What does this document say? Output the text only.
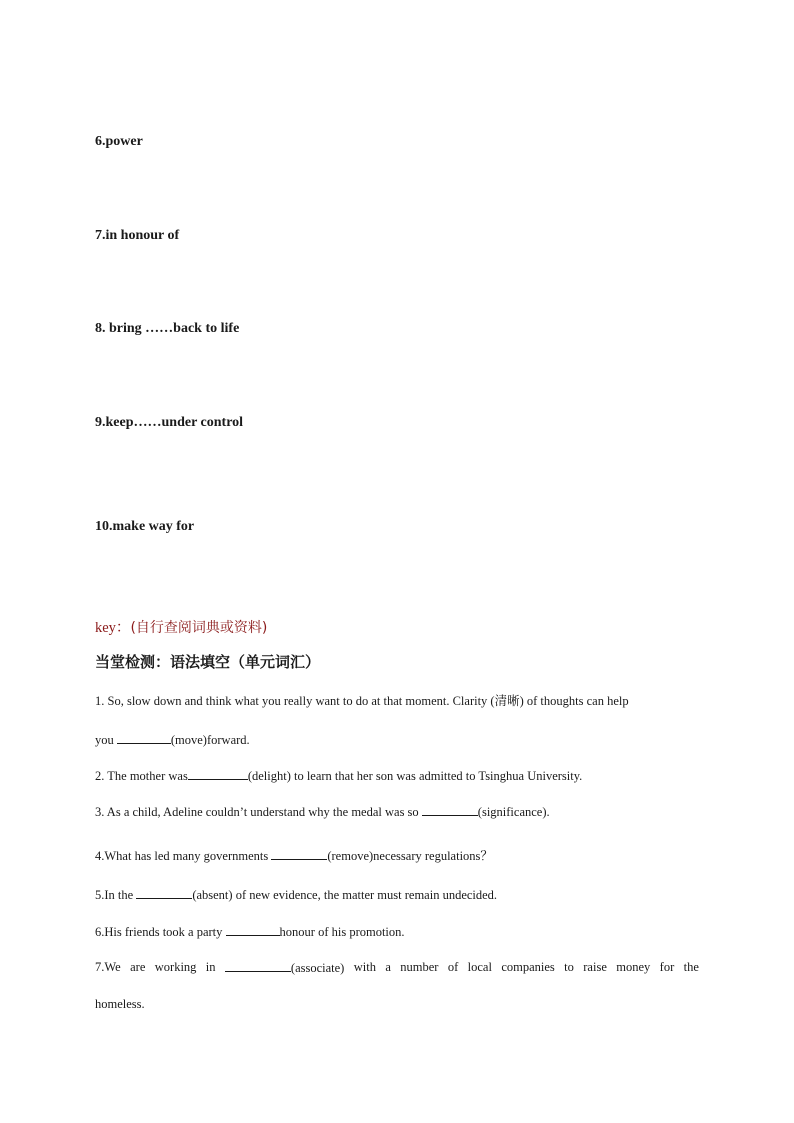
6.power
7.in honour of
8. bring ……back to life
9.keep……under control
10.make way for
key：(自行查阅词典或资料)
当堂检测：语法填空（单元词汇）
1. So, slow down and think what you really want to do at that moment. Clarity (清晰) of thoughts can help
you	(move)forward.
2. The mother was	(delight) to learn that her son was admitted to Tsinghua University.
3. As a child, Adeline couldn’t understand why the medal was so	(significance).
4.What has led many governments	(remove)necessary regulations？
5.In the	(absent) of new evidence, the matter must remain undecided.
6.His friends took a party	honour of his promotion.
7.We are working in	(associate) with a number of local companies to raise money for the
homeless.
